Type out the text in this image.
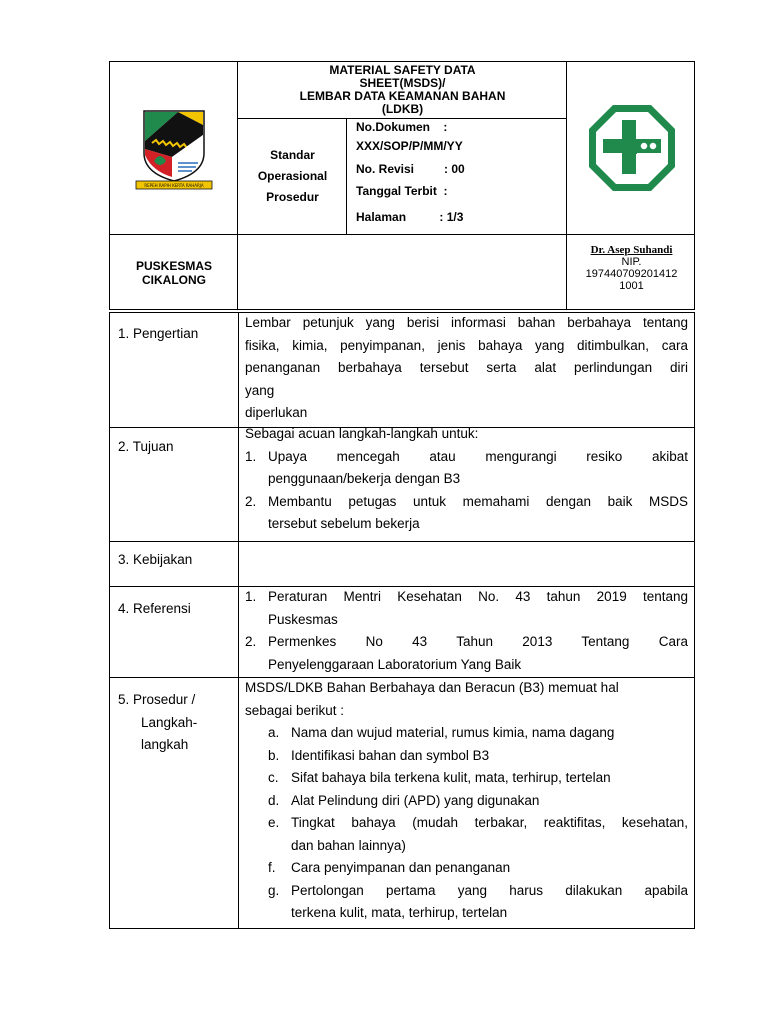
REPEH RAPIH KERTA RAHARJA
MATERIAL SAFETY DATA
SHEET(MSDS)/
LEMBAR DATA KEAMANAN BAHAN
(LDKB)
Standar
Operasional
Prosedur
No.Dokumen    :
XXX/SOP/P/MM/YY
No. Revisi         : 00
Tanggal Terbit  :
Halaman          : 1/3
PUSKESMAS
CIKALONG
Dr. Asep Suhandi
NIP.
197440709201412
1001
1. Pengertian
Lembar petunjuk yang berisi informasi bahan berbahaya tentang
fisika, kimia, penyimpanan, jenis bahaya yang ditimbulkan, cara
penanganan berbahaya tersebut serta alat perlindungan diri
yang
diperlukan
2. Tujuan
Sebagai acuan langkah-langkah untuk:
1. Upaya mencegah atau mengurangi resiko akibat
penggunaan/bekerja dengan B3
2. Membantu petugas untuk memahami dengan baik MSDS
tersebut sebelum bekerja
3. Kebijakan
4. Referensi
1. Peraturan Mentri Kesehatan No. 43 tahun 2019 tentang
Puskesmas
2. Permenkes No 43 Tahun 2013 Tentang Cara
Penyelenggaraan Laboratorium Yang Baik
5. Prosedur /
Langkah-
langkah
MSDS/LDKB Bahan Berbahaya dan Beracun (B3) memuat hal
sebagai berikut :
a. Nama dan wujud material, rumus kimia, nama dagang
b. Identifikasi bahan dan symbol B3
c. Sifat bahaya bila terkena kulit, mata, terhirup, tertelan
d. Alat Pelindung diri (APD) yang digunakan
e. Tingkat bahaya (mudah terbakar, reaktifitas, kesehatan,
dan bahan lainnya)
f.	Cara penyimpanan dan penanganan
g. Pertolongan pertama yang harus dilakukan apabila
terkena kulit, mata, terhirup, tertelan
